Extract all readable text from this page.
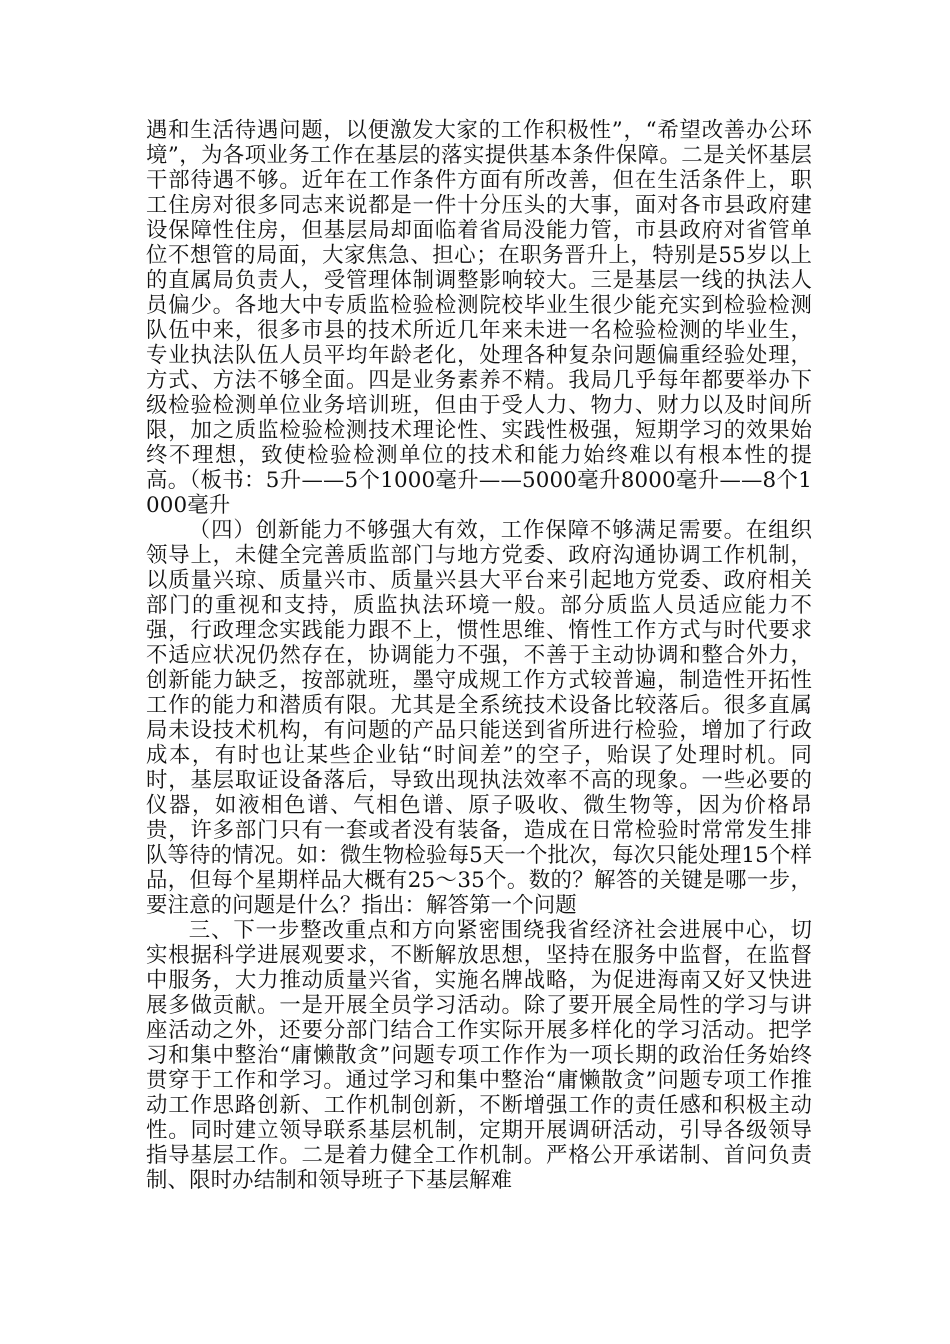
遇和生活待遇问题，以便激发大家的工作积极性”，“希望改善办公环境”，为各项业务工作在基层的落实提供基本条件保障。二是关怀基层干部待遇不够。近年在工作条件方面有所改善，但在生活条件上，职工住房对很多同志来说都是一件十分压头的大事，面对各市县政府建设保障性住房，但基层局却面临着省局没能力管，市县政府对省管单位不想管的局面，大家焦急、担心；在职务晋升上，特别是55岁以上的直属局负责人，受管理体制调整影响较大。三是基层一线的执法人员偏少。各地大中专质监检验检测院校毕业生很少能充实到检验检测队伍中来，很多市县的技术所近几年来未进一名检验检测的毕业生，专业执法队伍人员平均年龄老化，处理各种复杂问题偏重经验处理，方式、方法不够全面。四是业务素养不精。我局几乎每年都要举办下级检验检测单位业务培训班，但由于受人力、物力、财力以及时间所限，加之质监检验检测技术理论性、实践性极强，短期学习的效果始终不理想，致使检验检测单位的技术和能力始终难以有根本性的提高。（板书：5升——5个1000毫升——5000毫升8000毫升——8个1000毫升

（四）创新能力不够强大有效，工作保障不够满足需要。在组织领导上，未健全完善质监部门与地方党委、政府沟通协调工作机制，以质量兴琼、质量兴市、质量兴县大平台来引起地方党委、政府相关部门的重视和支持，质监执法环境一般。部分质监人员适应能力不强，行政理念实践能力跟不上，惯性思维、惰性工作方式与时代要求不适应状况仍然存在，协调能力不强，不善于主动协调和整合外力，创新能力缺乏，按部就班，墨守成规工作方式较普遍，制造性开拓性工作的能力和潜质有限。尤其是全系统技术设备比较落后。很多直属局未设技术机构，有问题的产品只能送到省所进行检验，增加了行政成本，有时也让某些企业钻“时间差”的空子，贻误了处理时机。同时，基层取证设备落后，导致出现执法效率不高的现象。一些必要的仪器，如液相色谱、气相色谱、原子吸收、微生物等，因为价格昂贵，许多部门只有一套或者没有装备，造成在日常检验时常常发生排队等待的情况。如：微生物检验每5天一个批次，每次只能处理15个样品，但每个星期样品大概有25～35个。数的？解答的关键是哪一步，要注意的问题是什么？指出：解答第一个问题

三、下一步整改重点和方向紧密围绕我省经济社会进展中心，切实根据科学进展观要求，不断解放思想，坚持在服务中监督，在监督中服务，大力推动质量兴省，实施名牌战略，为促进海南又好又快进展多做贡献。一是开展全员学习活动。除了要开展全局性的学习与讲座活动之外，还要分部门结合工作实际开展多样化的学习活动。把学习和集中整治“庸懒散贪”问题专项工作作为一项长期的政治任务始终贯穿于工作和学习。通过学习和集中整治“庸懒散贪”问题专项工作推动工作思路创新、工作机制创新，不断增强工作的责任感和积极主动性。同时建立领导联系基层机制，定期开展调研活动，引导各级领导指导基层工作。二是着力健全工作机制。严格公开承诺制、首问负责制、限时办结制和领导班子下基层解难
